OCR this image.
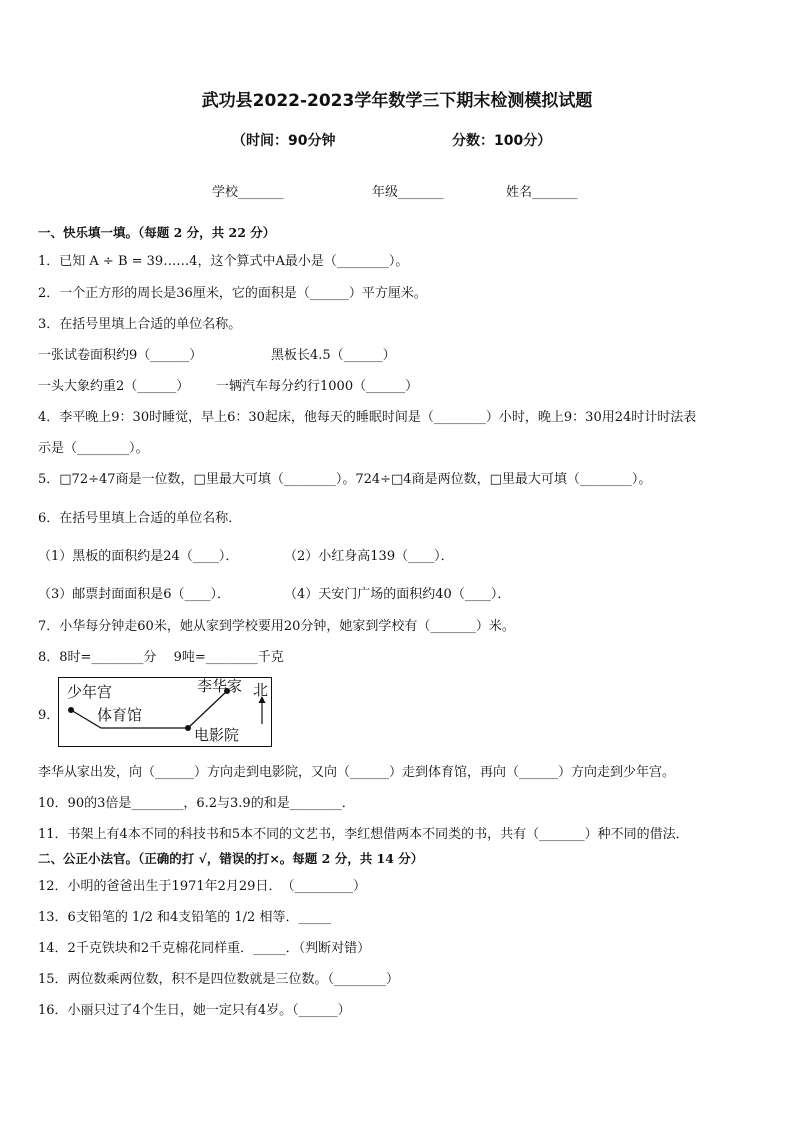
武功县2022-2023学年数学三下期末检测模拟试题
（时间：90分钟	分数：100分）
学校_______	年级_______	姓名_______
一、快乐填一填。（每题 2 分，共 22 分）
1．已知 A ÷ B = 39……4，这个算式中A最小是（________）。
2．一个正方形的周长是36厘米，它的面积是（______）平方厘米。
3．在括号里填上合适的单位名称。
一张试卷面积约9（______）	黑板长4.5（______）
一头大象约重2（______） 一辆汽车每分约行1000（______）
4．李平晚上9：30时睡觉，早上6：30起床，他每天的睡眠时间是（________）小时，晚上9：30用24时计时法表
示是（________）。
5．□72÷47商是一位数，□里最大可填（________）。724÷□4商是两位数，□里最大可填（________）。
6．在括号里填上合适的单位名称．
（1）黑板的面积约是24（____）．	（2）小红身高139（____）．
（3）邮票封面面积是6（____）．	（4）天安门广场的面积约40（____）．
7．小华每分钟走60米，她从家到学校要用20分钟，她家到学校有（_______）米。
8．8时=________分　 9吨=________千克
9．
少年宫
体育馆
李华家
电影院
北
李华从家出发，向（______）方向走到电影院，又向（______）走到体育馆，再向（______）方向走到少年宫。
10．90的3倍是________，6.2与3.9的和是________．
11．书架上有4本不同的科技书和5本不同的文艺书，李红想借两本不同类的书，共有（_______）种不同的借法．
二、公正小法官。（正确的打 √，错误的打×。每题 2 分，共 14 分）
12．小明的爸爸出生于1971年2月29日．　（_________）
13．6支铅笔的 1/2 和4支铅笔的 1/2 相等．_____
14．2千克铁块和2千克棉花同样重．_____．（判断对错）
15．两位数乘两位数，积不是四位数就是三位数。（________）
16．小丽只过了4个生日，她一定只有4岁。（______）
